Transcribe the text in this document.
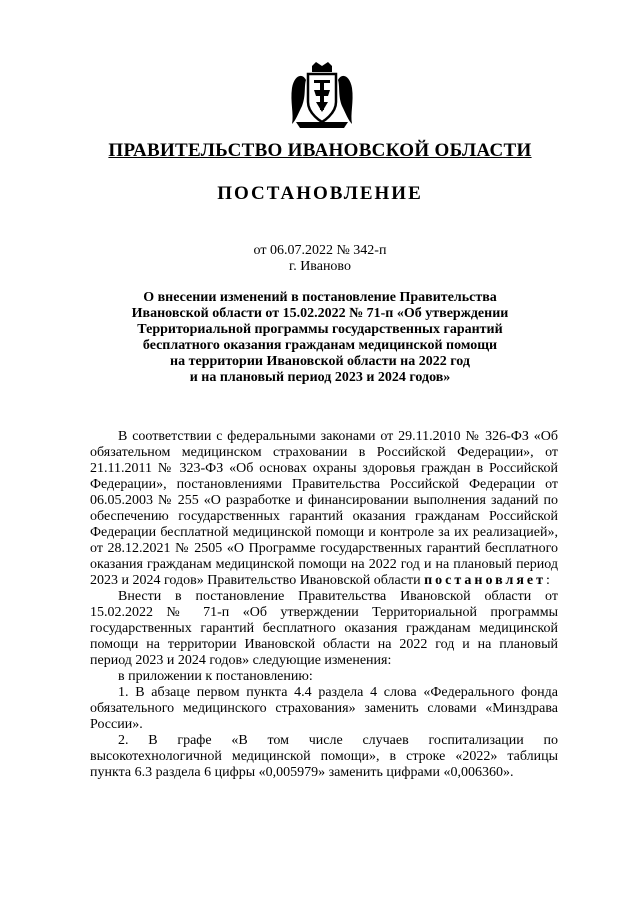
ПРАВИТЕЛЬСТВО ИВАНОВСКОЙ ОБЛАСТИ
ПОСТАНОВЛЕНИЕ
от 06.07.2022 № 342-п
г. Иваново
О внесении изменений в постановление Правительства
Ивановской области от 15.02.2022 № 71-п «Об утверждении
Территориальной программы государственных гарантий
бесплатного оказания гражданам медицинской помощи
на территории Ивановской области на 2022 год
и на плановый период 2023 и 2024 годов»

В соответствии с федеральными законами от 29.11.2010 № 326-ФЗ «Об обязательном медицинском страховании в Российской Федерации», от 21.11.2011 № 323-ФЗ «Об основах охраны здоровья граждан в Российской Федерации», постановлениями Правительства Российской Федерации от 06.05.2003 № 255 «О разработке и финансировании выполнения заданий по обеспечению государственных гарантий оказания гражданам Российской Федерации бесплатной медицинской помощи и контроле за их реализацией», от 28.12.2021 № 2505 «О Программе государственных гарантий бесплатного оказания гражданам медицинской помощи на 2022 год и на плановый период 2023 и 2024 годов» Правительство Ивановской области постановляет:

Внести в постановление Правительства Ивановской области от 15.02.2022 № 71-п «Об утверждении Территориальной программы государственных гарантий бесплатного оказания гражданам медицинской помощи на территории Ивановской области на 2022 год и на плановый период 2023 и 2024 годов» следующие изменения:

в приложении к постановлению:

1. В абзаце первом пункта 4.4 раздела 4 слова «Федерального фонда обязательного медицинского страхования» заменить словами «Минздрава России».

2. В графе «В том числе случаев госпитализации по высокотехнологичной медицинской помощи», в строке «2022» таблицы пункта 6.3 раздела 6 цифры «0,005979» заменить цифрами «0,006360».
